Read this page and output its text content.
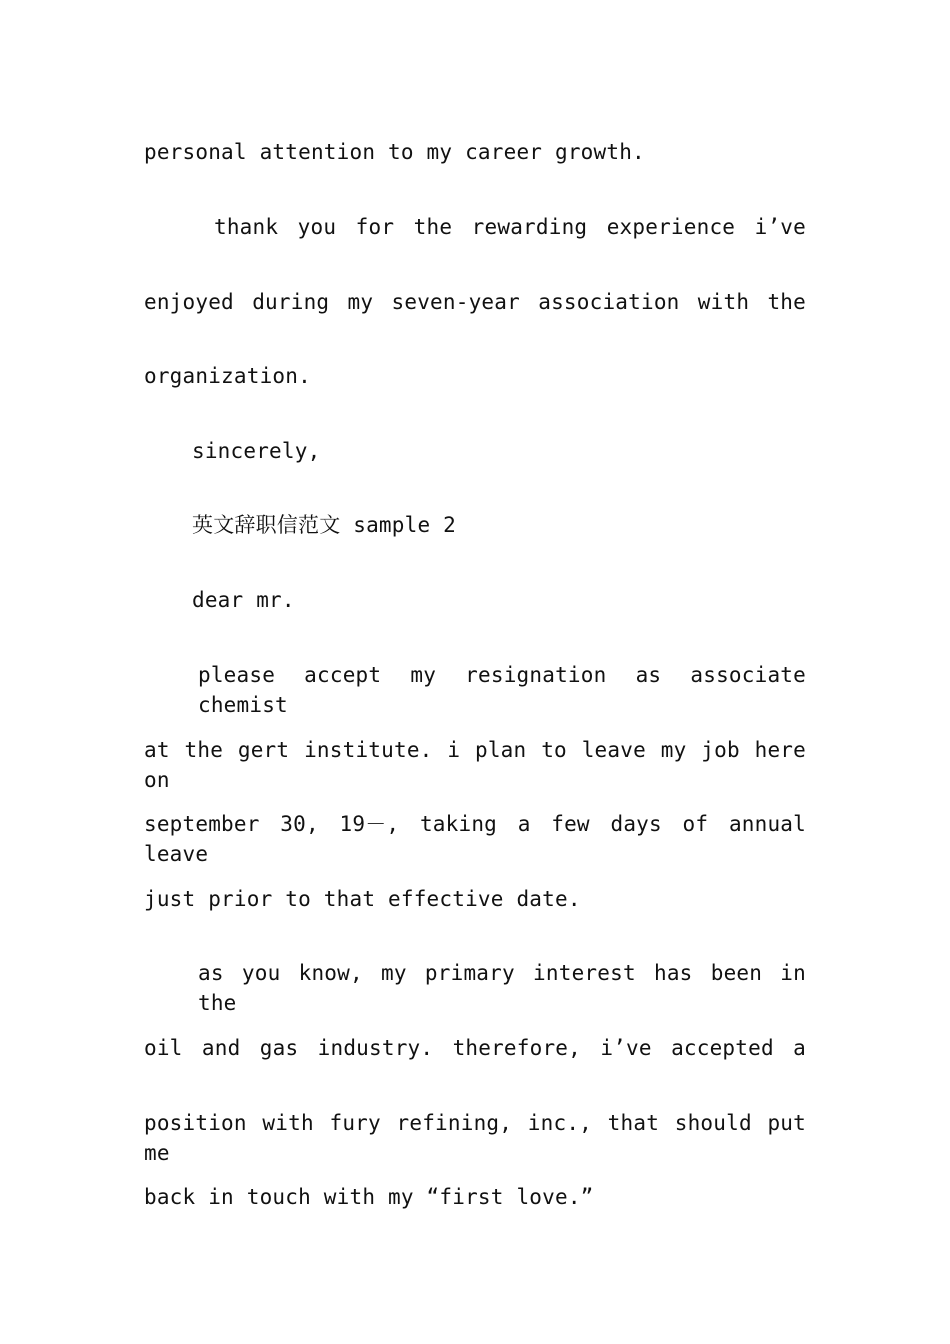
personal attention to my career growth.
thank you for the rewarding experience i’ve
enjoyed during my seven-year association with the
organization.
sincerely,
英文辞职信范文 sample 2
dear mr.
please accept my resignation as associate chemist
at the gert institute. i plan to leave my job here on
september 30, 19－, taking a few days of annual leave
just prior to that effective date.
as you know, my primary interest has been in the
oil and gas industry. therefore, i’ve accepted a
position with fury refining, inc., that should put me
back in touch with my “first love.”
